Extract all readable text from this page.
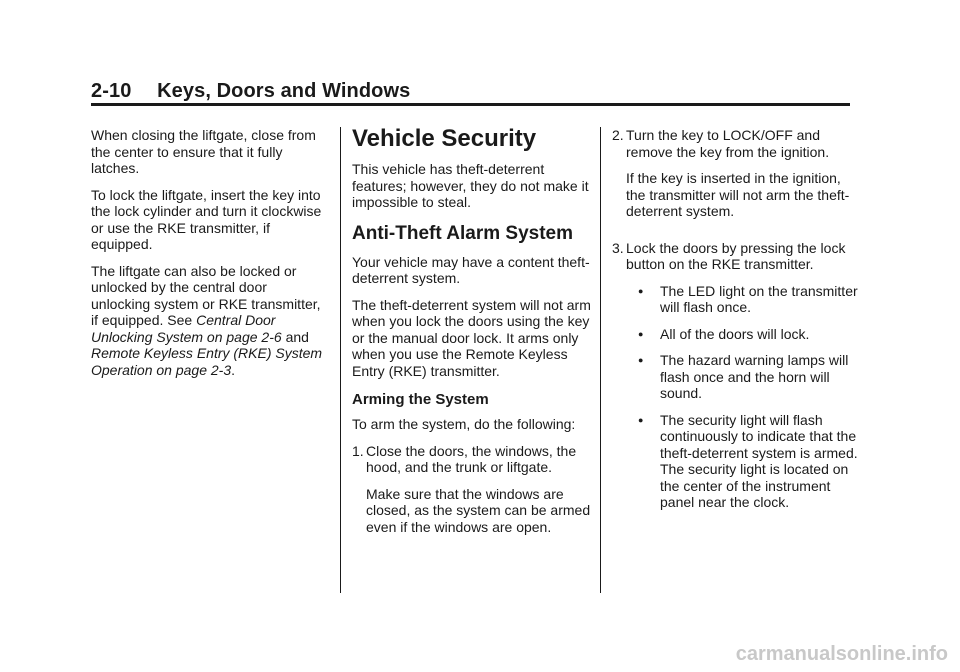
2-10 Keys, Doors and Windows

When closing the liftgate, close from the center to ensure that it fully latches.

To lock the liftgate, insert the key into the lock cylinder and turn it clockwise or use the RKE transmitter, if equipped.

The liftgate can also be locked or unlocked by the central door unlocking system or RKE transmitter, if equipped. See Central Door Unlocking System on page 2-6 and Remote Keyless Entry (RKE) System Operation on page 2-3.

Vehicle Security

This vehicle has theft-deterrent features; however, they do not make it impossible to steal.

Anti-Theft Alarm System

Your vehicle may have a content theft-deterrent system.

The theft-deterrent system will not arm when you lock the doors using the key or the manual door lock. It arms only when you use the Remote Keyless Entry (RKE) transmitter.

Arming the System

To arm the system, do the following:

1. Close the doors, the windows, the hood, and the trunk or liftgate.

Make sure that the windows are closed, as the system can be armed even if the windows are open.

2. Turn the key to LOCK/OFF and remove the key from the ignition.

If the key is inserted in the ignition, the transmitter will not arm the theft-deterrent system.

3. Lock the doors by pressing the lock button on the RKE transmitter.

●	The LED light on the transmitter will flash once.
●	All of the doors will lock.
●	The hazard warning lamps will flash once and the horn will sound.
●	The security light will flash continuously to indicate that the theft-deterrent system is armed. The security light is located on the center of the instrument panel near the clock.
carmanualsonline.info
